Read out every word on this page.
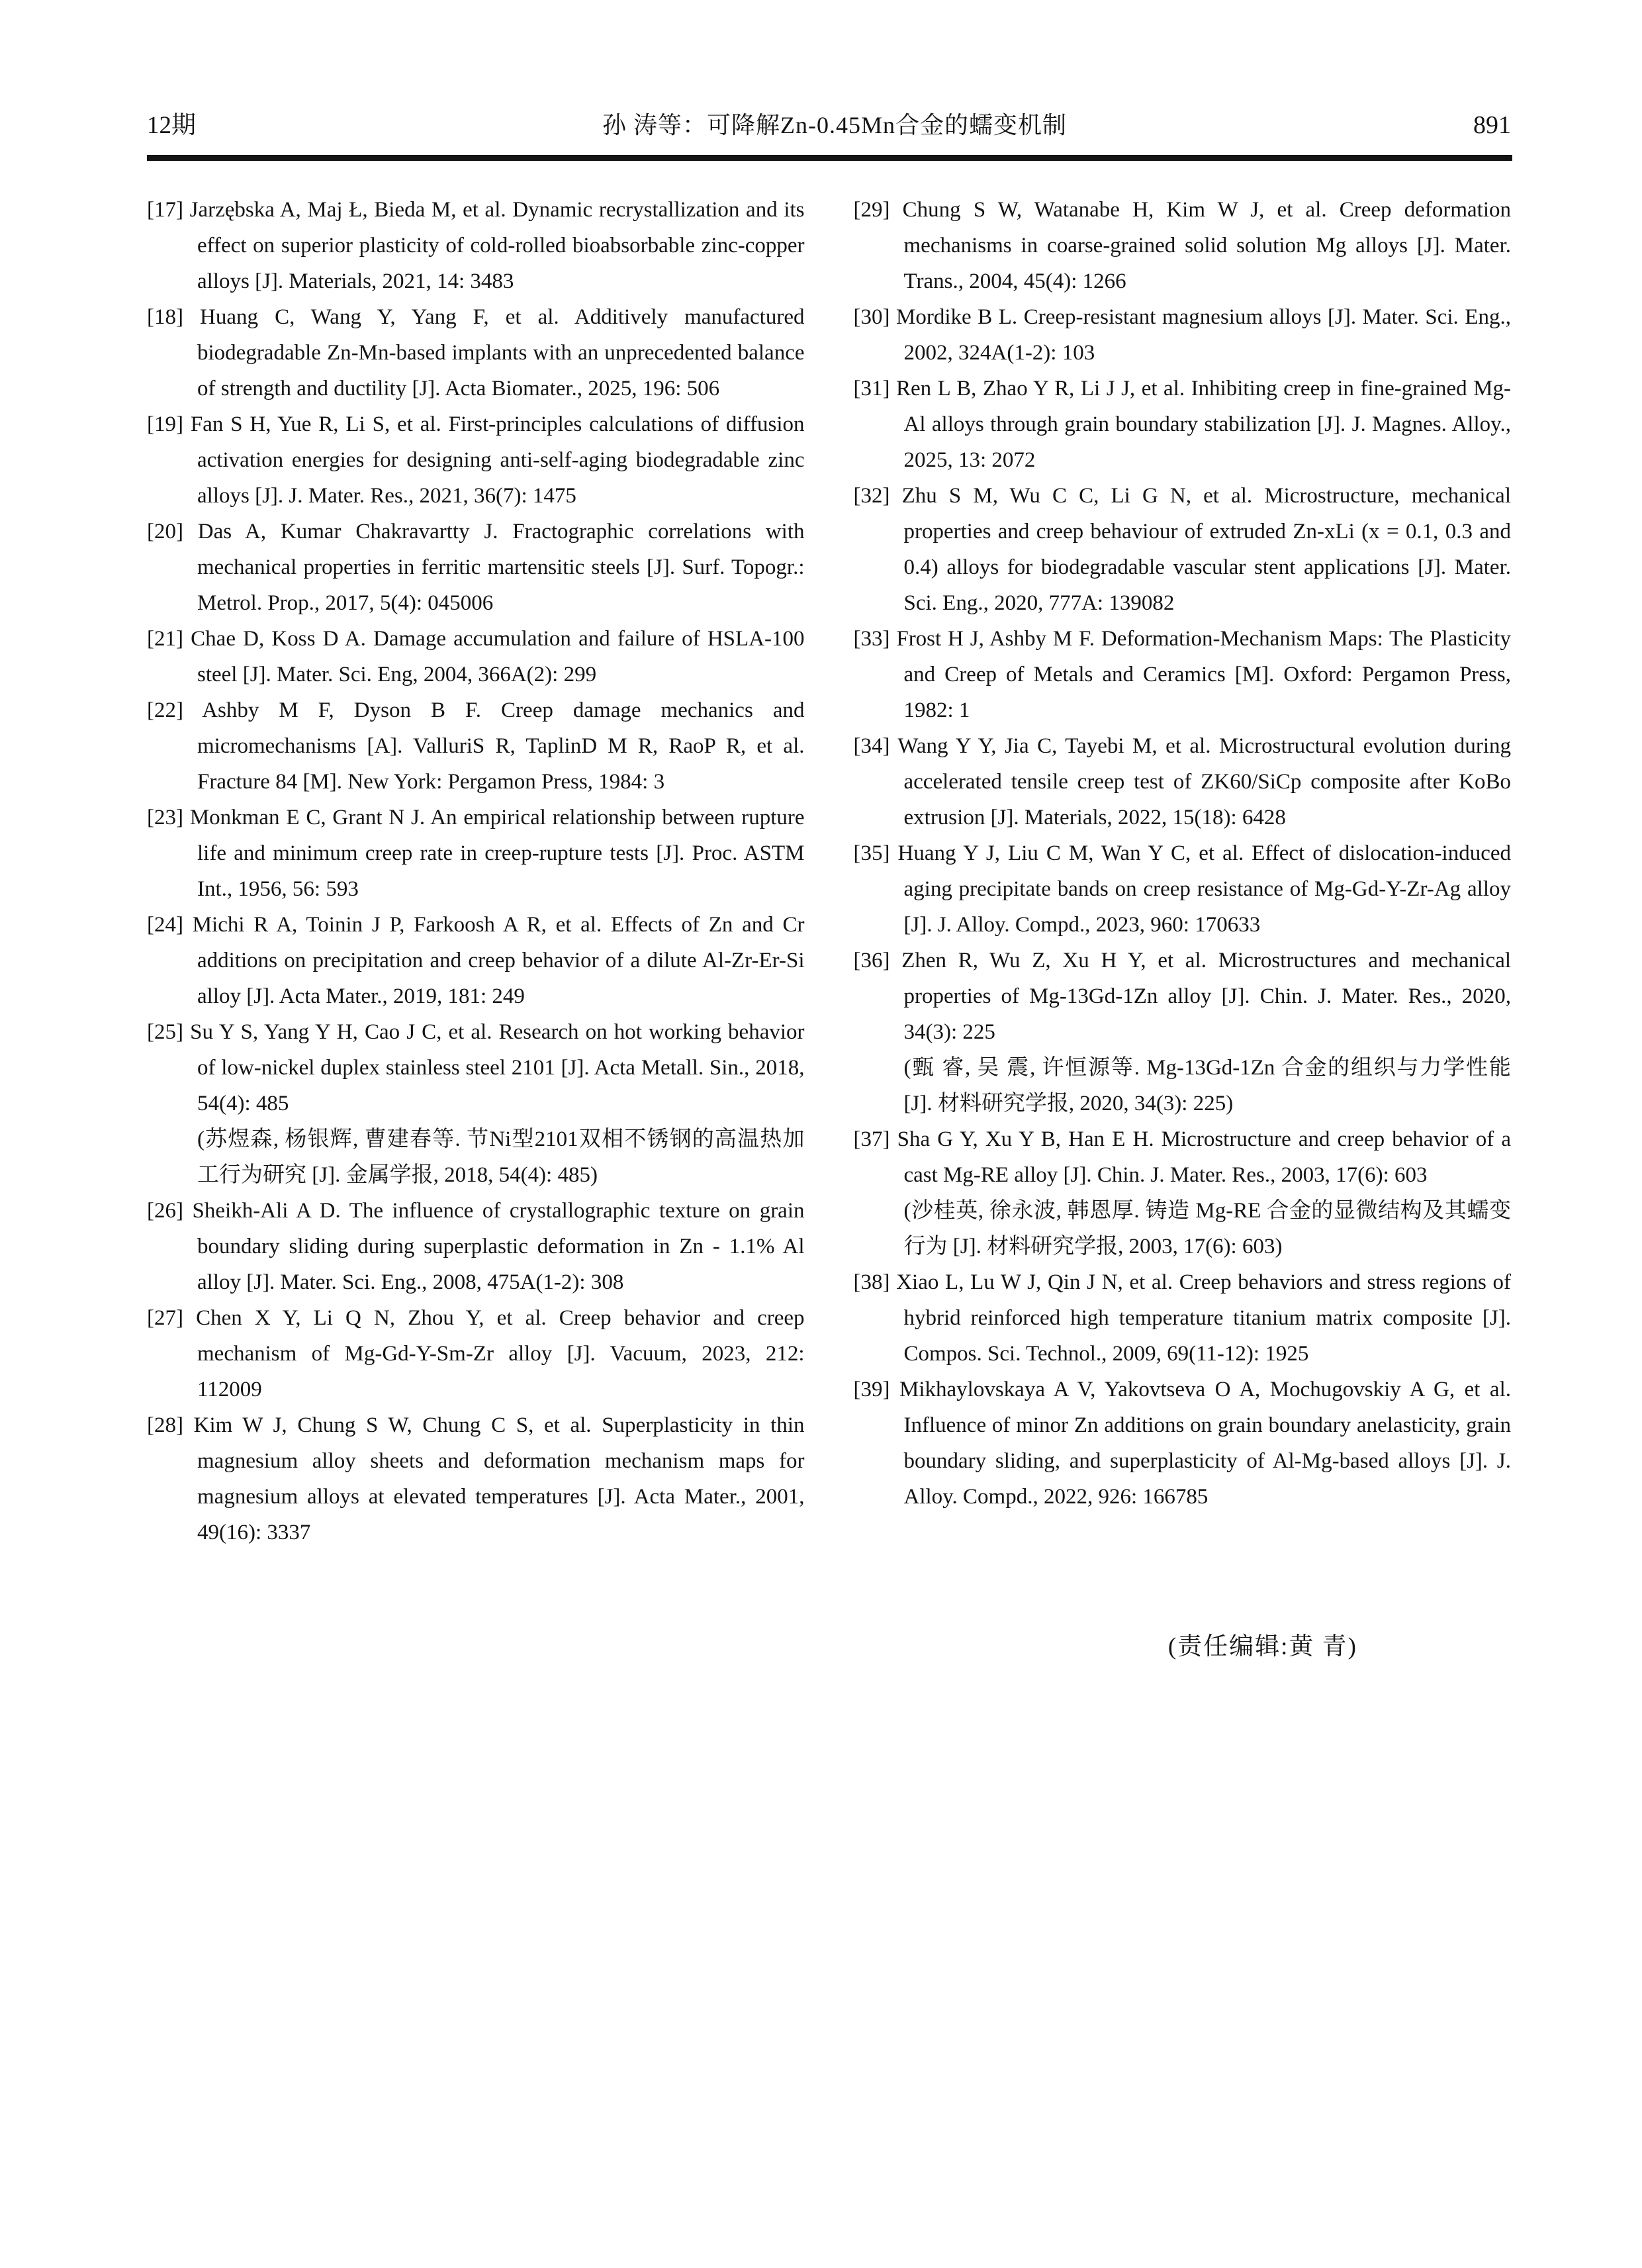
12期	孙 涛等：可降解Zn-0.45Mn合金的蠕变机制	891
[17] Jarzębska A, Maj Ł, Bieda M, et al. Dynamic recrystallization and its effect on superior plasticity of cold-rolled bioabsorbable zinc-copper alloys [J]. Materials, 2021, 14: 3483
[18] Huang C, Wang Y, Yang F, et al. Additively manufactured biodegradable Zn-Mn-based implants with an unprecedented balance of strength and ductility [J]. Acta Biomater., 2025, 196: 506
[19] Fan S H, Yue R, Li S, et al. First-principles calculations of diffusion activation energies for designing anti-self-aging biodegradable zinc alloys [J]. J. Mater. Res., 2021, 36(7): 1475
[20] Das A, Kumar Chakravartty J. Fractographic correlations with mechanical properties in ferritic martensitic steels [J]. Surf. Topogr.: Metrol. Prop., 2017, 5(4): 045006
[21] Chae D, Koss D A. Damage accumulation and failure of HSLA-100 steel [J]. Mater. Sci. Eng, 2004, 366A(2): 299
[22] Ashby M F, Dyson B F. Creep damage mechanics and micromechanisms [A]. ValluriS R, TaplinD M R, RaoP R, et al. Fracture 84 [M]. New York: Pergamon Press, 1984: 3
[23] Monkman E C, Grant N J. An empirical relationship between rupture life and minimum creep rate in creep-rupture tests [J]. Proc. ASTM Int., 1956, 56: 593
[24] Michi R A, Toinin J P, Farkoosh A R, et al. Effects of Zn and Cr additions on precipitation and creep behavior of a dilute Al-Zr-Er-Si alloy [J]. Acta Mater., 2019, 181: 249
[25] Su Y S, Yang Y H, Cao J C, et al. Research on hot working behavior of low-nickel duplex stainless steel 2101 [J]. Acta Metall. Sin., 2018, 54(4): 485
(苏煜森, 杨银辉, 曹建春等. 节Ni型2101双相不锈钢的高温热加工行为研究 [J]. 金属学报, 2018, 54(4): 485)
[26] Sheikh-Ali A D. The influence of crystallographic texture on grain boundary sliding during superplastic deformation in Zn - 1.1% Al alloy [J]. Mater. Sci. Eng., 2008, 475A(1-2): 308
[27] Chen X Y, Li Q N, Zhou Y, et al. Creep behavior and creep mechanism of Mg-Gd-Y-Sm-Zr alloy [J]. Vacuum, 2023, 212: 112009
[28] Kim W J, Chung S W, Chung C S, et al. Superplasticity in thin magnesium alloy sheets and deformation mechanism maps for magnesium alloys at elevated temperatures [J]. Acta Mater., 2001, 49(16): 3337
[29] Chung S W, Watanabe H, Kim W J, et al. Creep deformation mechanisms in coarse-grained solid solution Mg alloys [J]. Mater. Trans., 2004, 45(4): 1266
[30] Mordike B L. Creep-resistant magnesium alloys [J]. Mater. Sci. Eng., 2002, 324A(1-2): 103
[31] Ren L B, Zhao Y R, Li J J, et al. Inhibiting creep in fine-grained Mg-Al alloys through grain boundary stabilization [J]. J. Magnes. Alloy., 2025, 13: 2072
[32] Zhu S M, Wu C C, Li G N, et al. Microstructure, mechanical properties and creep behaviour of extruded Zn-xLi (x = 0.1, 0.3 and 0.4) alloys for biodegradable vascular stent applications [J]. Mater. Sci. Eng., 2020, 777A: 139082
[33] Frost H J, Ashby M F. Deformation-Mechanism Maps: The Plasticity and Creep of Metals and Ceramics [M]. Oxford: Pergamon Press, 1982: 1
[34] Wang Y Y, Jia C, Tayebi M, et al. Microstructural evolution during accelerated tensile creep test of ZK60/SiCp composite after KoBo extrusion [J]. Materials, 2022, 15(18): 6428
[35] Huang Y J, Liu C M, Wan Y C, et al. Effect of dislocation-induced aging precipitate bands on creep resistance of Mg-Gd-Y-Zr-Ag alloy [J]. J. Alloy. Compd., 2023, 960: 170633
[36] Zhen R, Wu Z, Xu H Y, et al. Microstructures and mechanical properties of Mg-13Gd-1Zn alloy [J]. Chin. J. Mater. Res., 2020, 34(3): 225
(甄 睿, 吴 震, 许恒源等. Mg-13Gd-1Zn 合金的组织与力学性能 [J]. 材料研究学报, 2020, 34(3): 225)
[37] Sha G Y, Xu Y B, Han E H. Microstructure and creep behavior of a cast Mg-RE alloy [J]. Chin. J. Mater. Res., 2003, 17(6): 603
(沙桂英, 徐永波, 韩恩厚. 铸造 Mg-RE 合金的显微结构及其蠕变行为 [J]. 材料研究学报, 2003, 17(6): 603)
[38] Xiao L, Lu W J, Qin J N, et al. Creep behaviors and stress regions of hybrid reinforced high temperature titanium matrix composite [J]. Compos. Sci. Technol., 2009, 69(11-12): 1925
[39] Mikhaylovskaya A V, Yakovtseva O A, Mochugovskiy A G, et al. Influence of minor Zn additions on grain boundary anelasticity, grain boundary sliding, and superplasticity of Al-Mg-based alloys [J]. J. Alloy. Compd., 2022, 926: 166785
(责任编辑:黄 青)
